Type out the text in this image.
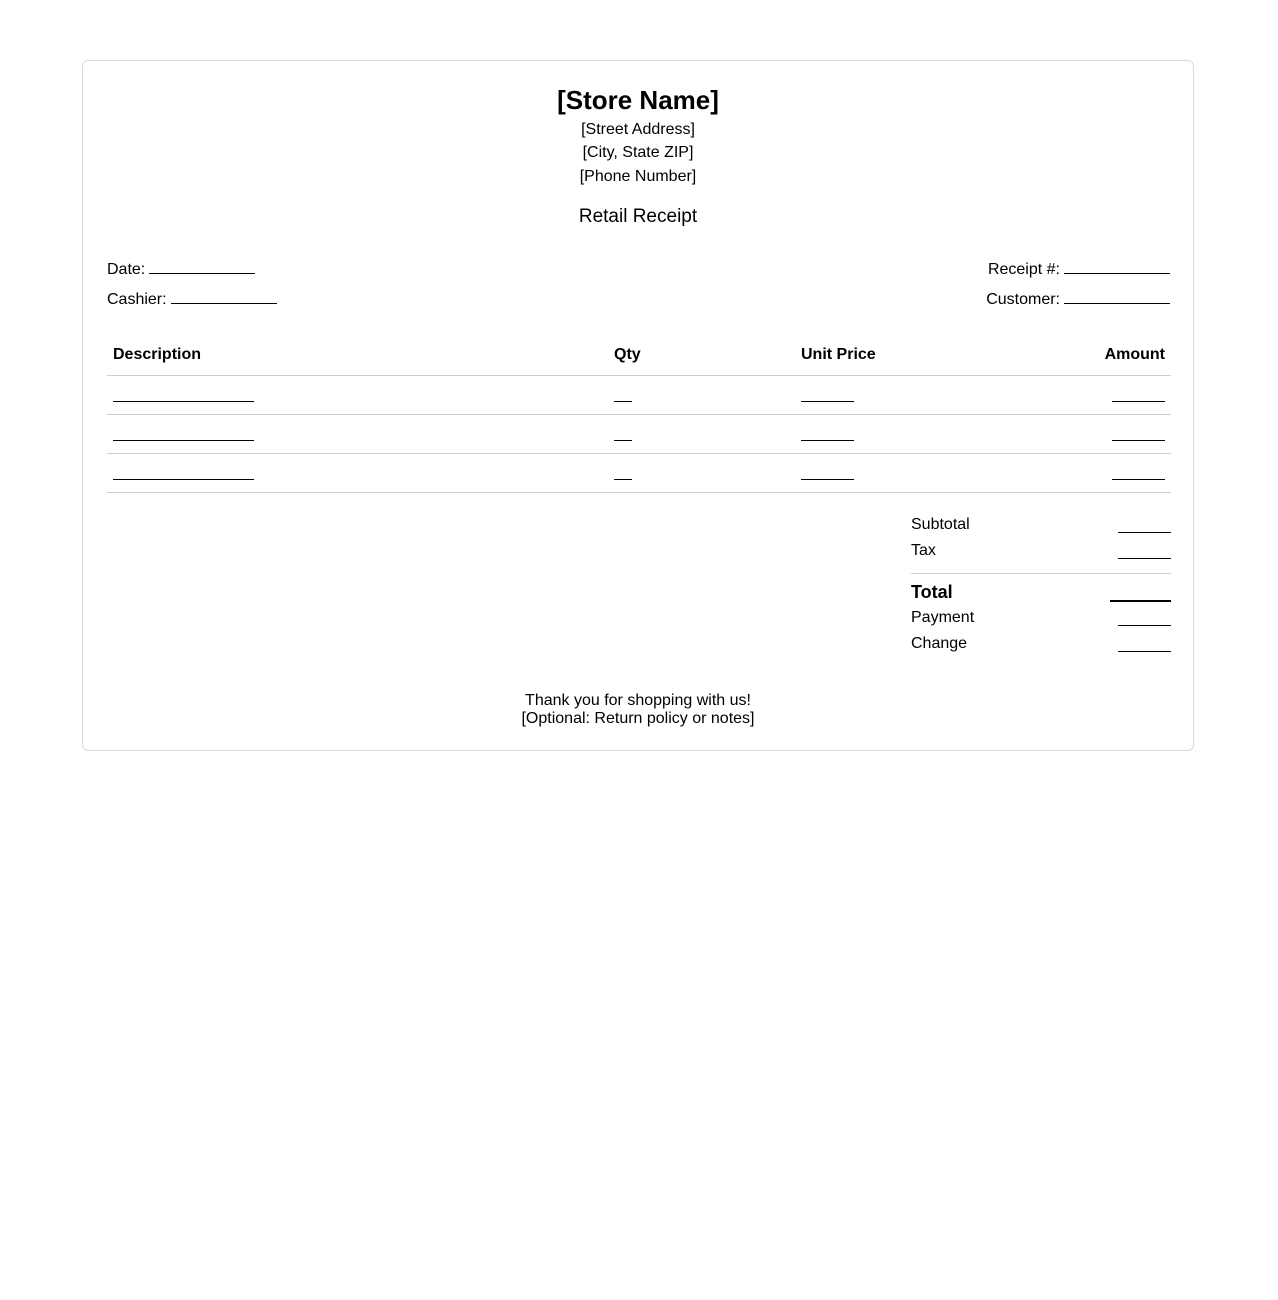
[Store Name]
[Street Address]
[City, State ZIP]
[Phone Number]
Retail Receipt
Date:
Cashier:
Receipt #:
Customer:
Description	Qty	Unit Price	Amount
Subtotal
Tax
Total
Payment
Change
Thank you for shopping with us!
[Optional: Return policy or notes]
